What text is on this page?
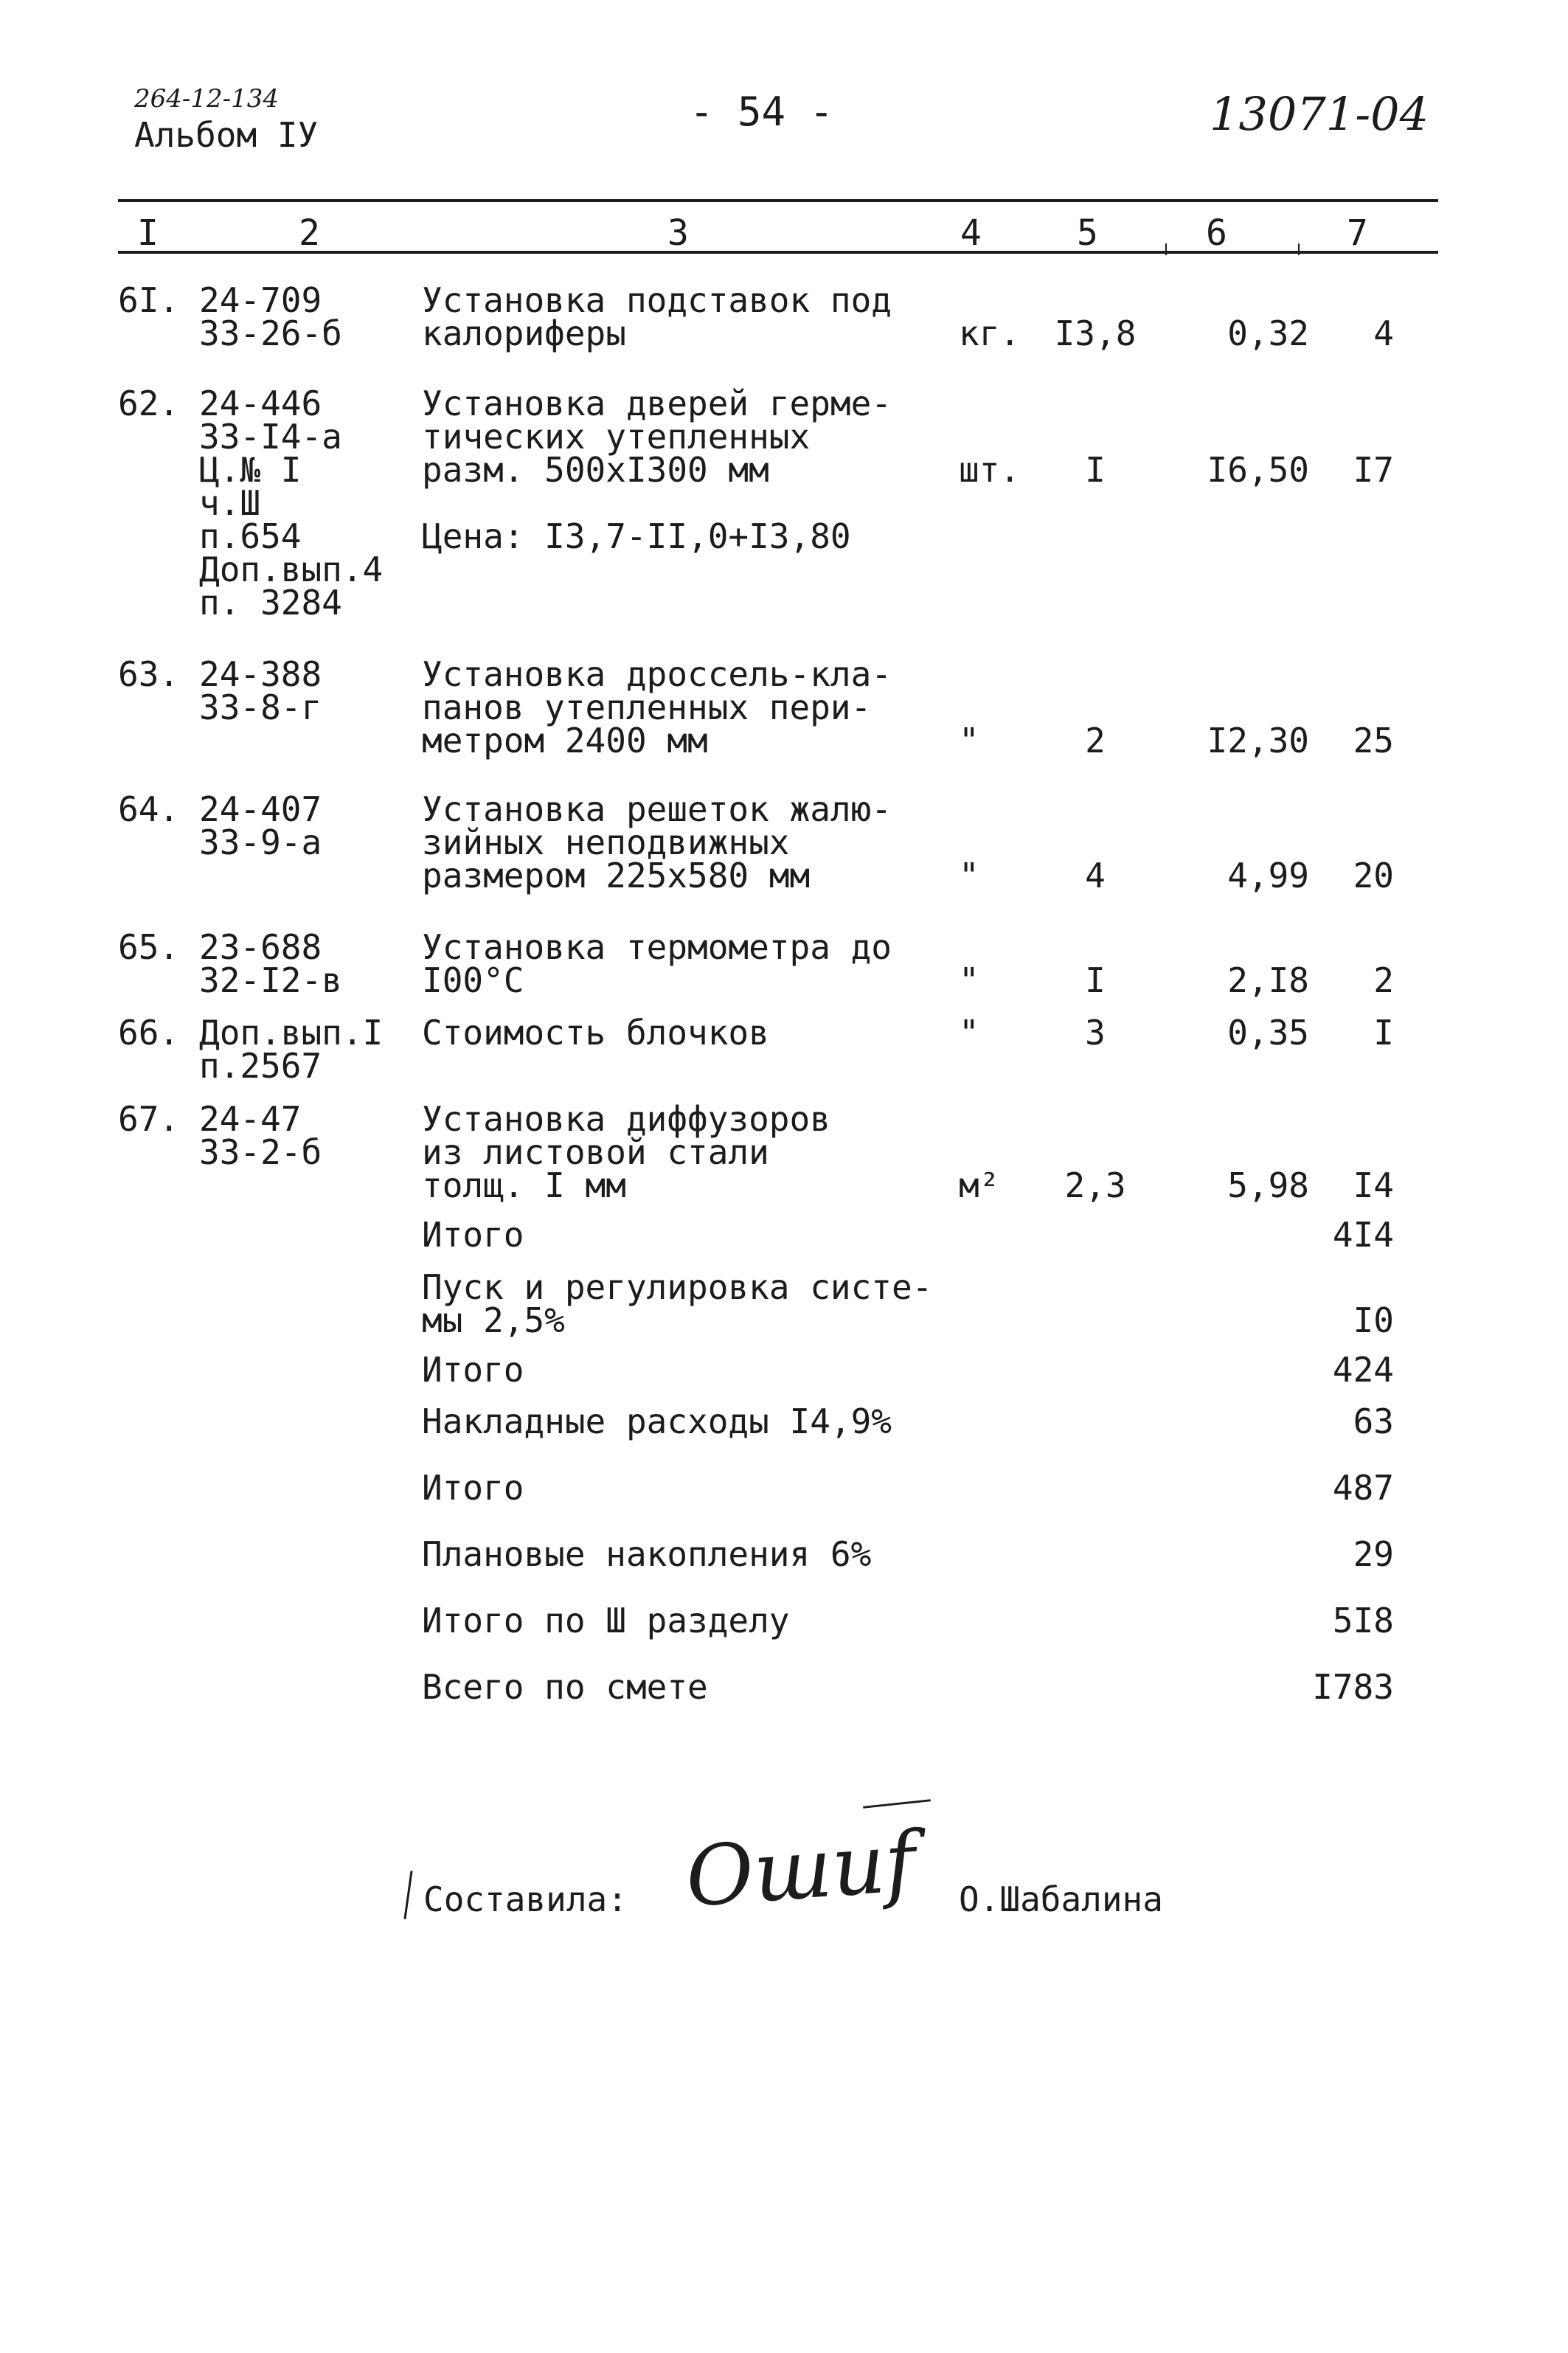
264-12-134
Альбом IУ	- 54 -	13071-04
I	2	3	4	5	6	7
6I. 24-709
33-26-б
Установка подставок под
калориферы	кг.	I3,8	0,32	4
62. 24-446
33-I4-а
Ц.№ I
ч.Ш
п.654
Доп.вып.4
п. 3284
Установка дверей герме-
тических утепленных
разм. 500хI300 мм
Цена: I3,7-II,0+I3,80
шт.	I	I6,50	I7
63. 24-388
33-8-г
Установка дроссель-кла-
панов утепленных пери-
метром 2400 мм	"	2	I2,30	25
64. 24-407
33-9-а
Установка решеток жалю-
зийных неподвижных
размером 225х580 мм	"	4	4,99	20
65. 23-688
32-I2-в
Установка термометра до
I00°С	"	I	2,I8	2
66. Доп.вып.I
п.2567
Стоимость блочков	"	3	0,35	I
67. 24-47
33-2-б
Установка диффузоров
из листовой стали
толщ. I мм	м²	2,3	5,98	I4
Итого	4I4
Пуск и регулировка систе-
мы 2,5%	I0
Итого	424
Накладные расходы I4,9%	63
Итого	487
Плановые накопления 6%	29
Итого по Ш разделу	5I8
Всего по смете	I783
Составила: Ошиf О.Шабалина
